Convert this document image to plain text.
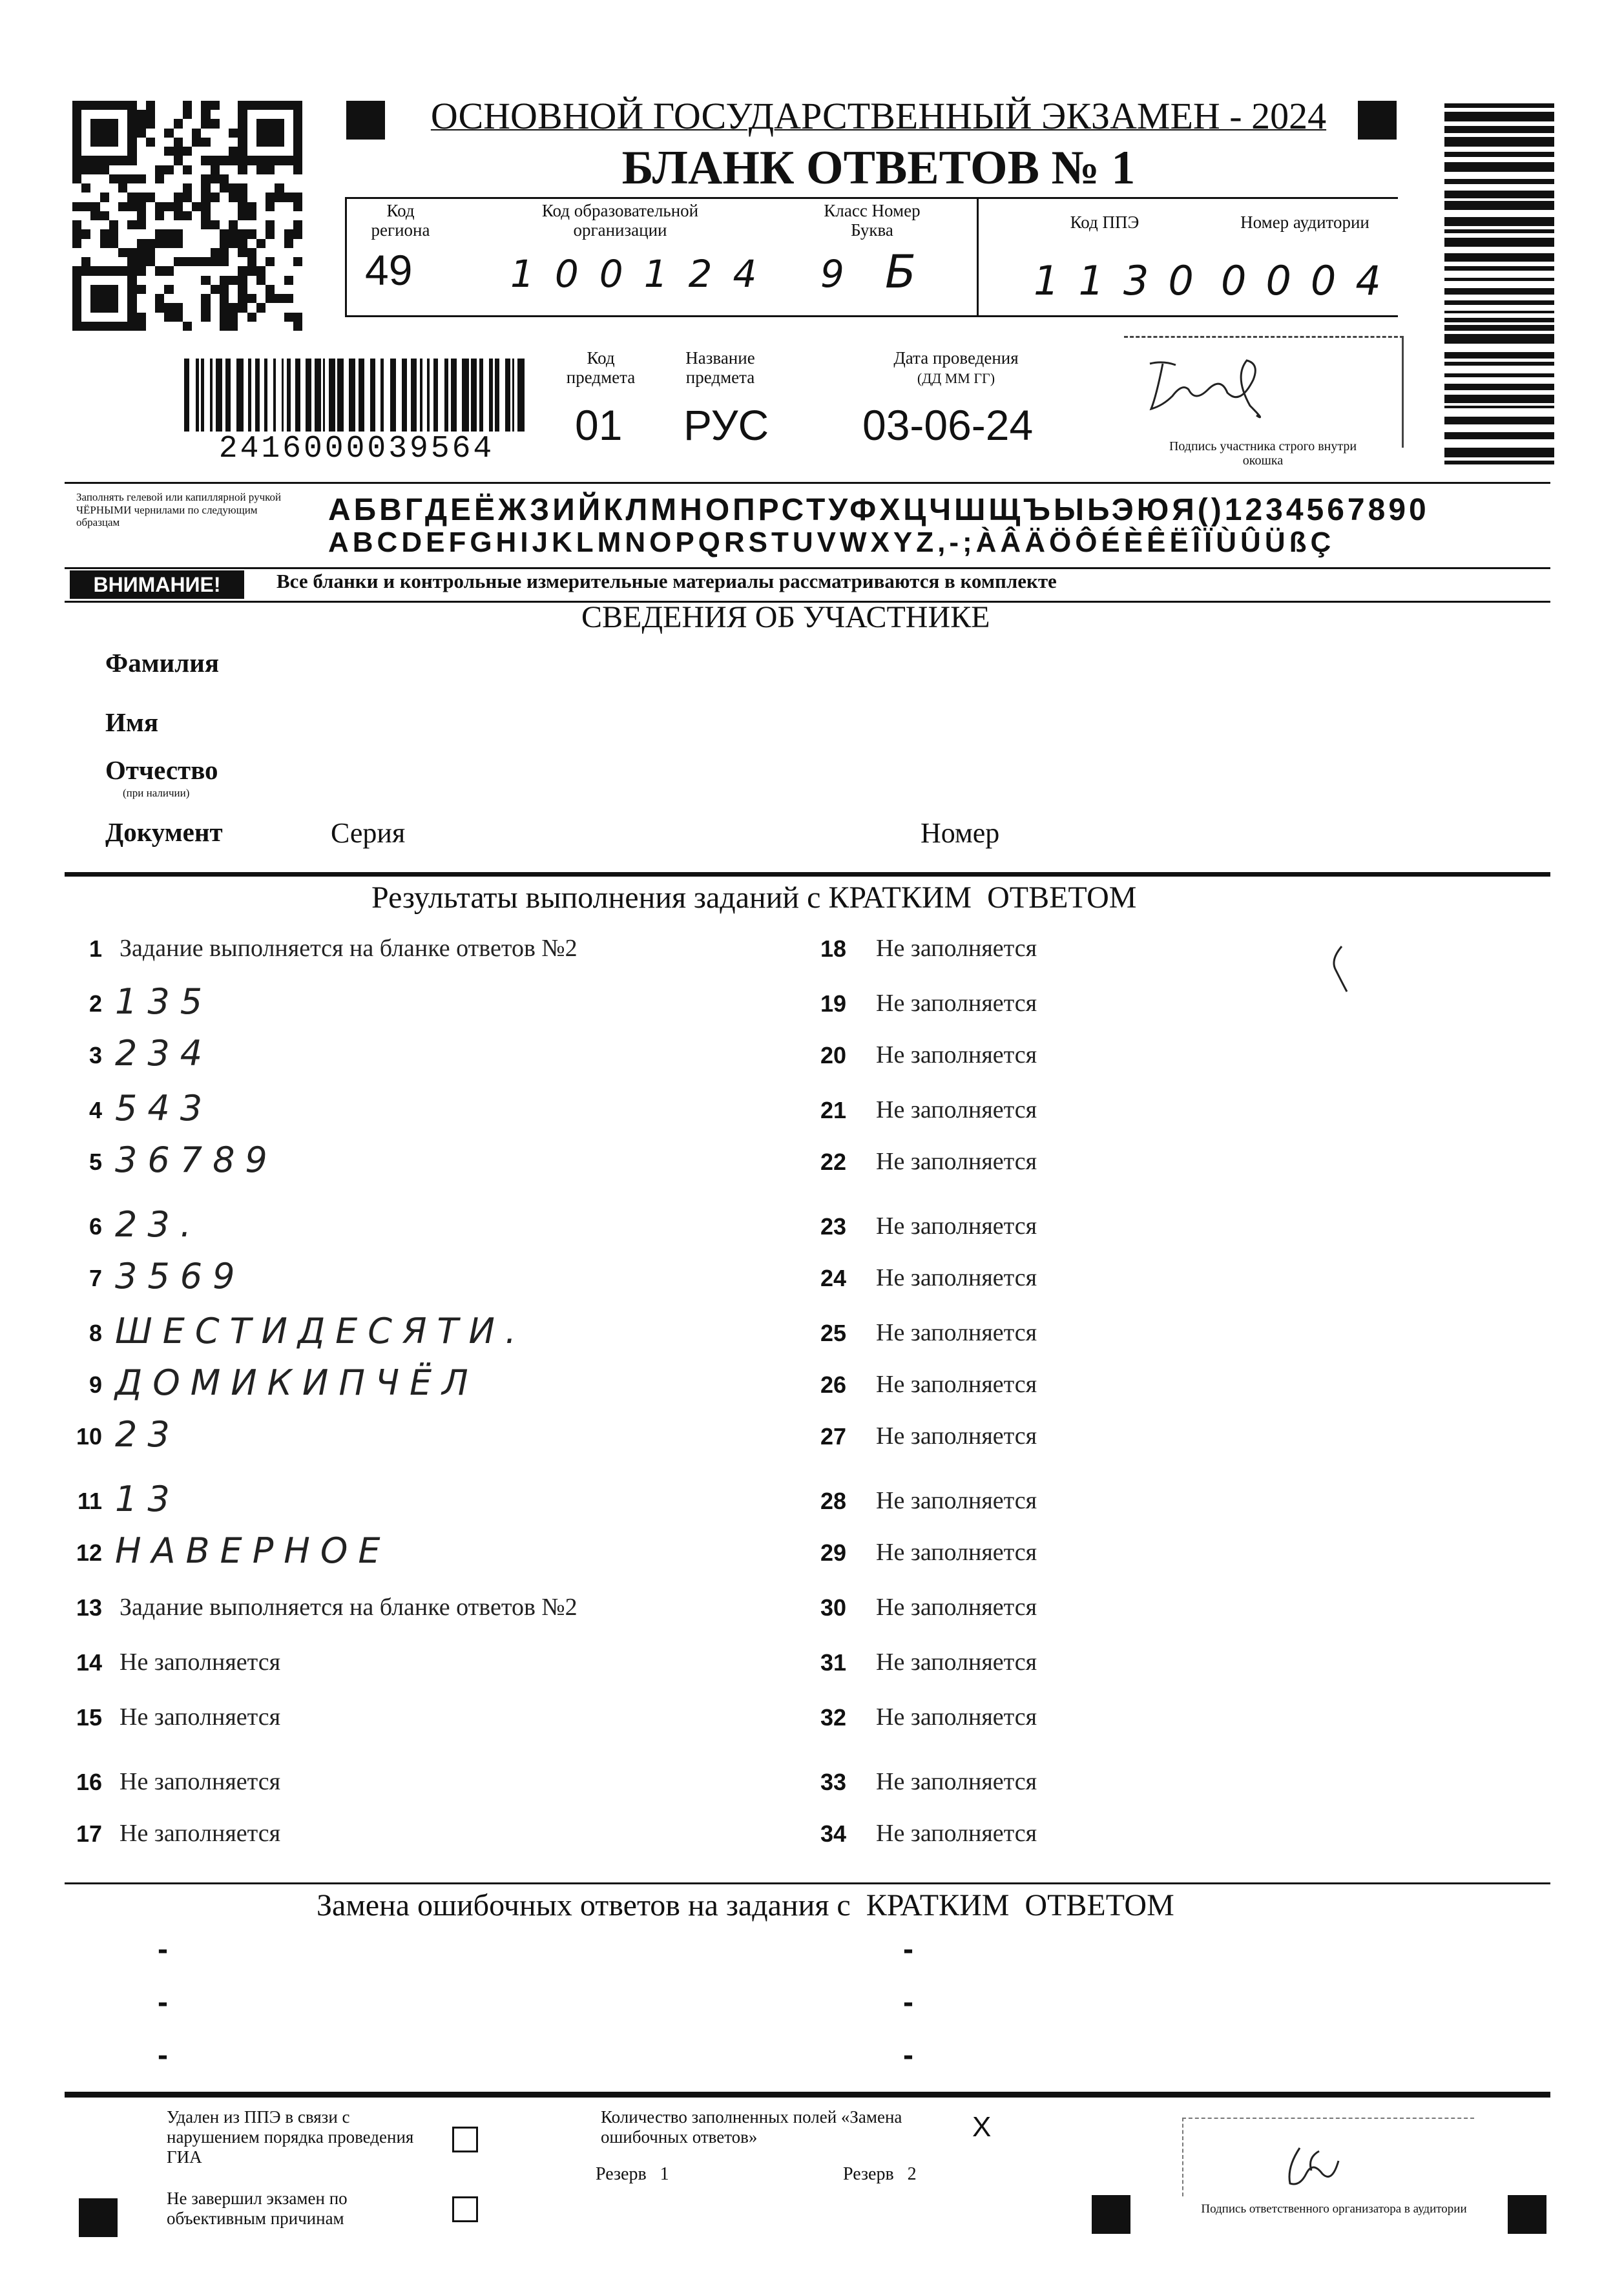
ОСНОВНОЙ ГОСУДАРСТВЕННЫЙ ЭКЗАМЕН - 2024
БЛАНК ОТВЕТОВ № 1
Код региона
49
Код образовательной организации
100124
Класс Номер Буква
9 Б
Код ППЭ
1130
Номер аудитории
0004
2416000039564
Код предмета
01
Название предмета
РУС
Дата проведения
(ДД ММ ГГ)
03-06-24	Подпись участника строго внутри окошка
Заполнять гелевой или капиллярной ручкой ЧЁРНЫМИ чернилами по следующим образцам	АБВГДЕЁЖЗИЙКЛМНОПРСТУФХЦЧШЩЪЫЬЭЮЯ()1234567890
ABCDEFGHIJKLMNOPQRSTUVWXYZ,-;ÀÂÄÖÔÉÈÊËÎÏÙÛÜßÇ
ВНИМАНИЕ!	Все бланки и контрольные измерительные материалы рассматриваются в комплекте
СВЕДЕНИЯ ОБ УЧАСТНИКЕ
Фамилия
Имя
Отчество
(при наличии)
Документ	Серия	Номер
Результаты выполнения заданий с КРАТКИМ  ОТВЕТОМ
1 Задание выполняется на бланке ответов №2
2 135
3 234
4 543
5 36789
6 23.
7 3569
8 ШЕСТИДЕСЯТИ.
9 ДОМИКИПЧЁЛ
10 23
11 13
12 НАВЕРНОЕ
13 Задание выполняется на бланке ответов №2
14 Не заполняется
15 Не заполняется
16 Не заполняется
17 Не заполняется
18 Не заполняется
19 Не заполняется
20 Не заполняется
21 Не заполняется
22 Не заполняется
23 Не заполняется
24 Не заполняется
25 Не заполняется
26 Не заполняется
27 Не заполняется
28 Не заполняется
29 Не заполняется
30 Не заполняется
31 Не заполняется
32 Не заполняется
33 Не заполняется
34 Не заполняется
Замена ошибочных ответов на задания с  КРАТКИМ  ОТВЕТОМ
-
-
-
-
-
-
Удален из ППЭ в связи с нарушением порядка проведения ГИА
Не завершил экзамен по объективным причинам
Количество заполненных полей «Замена ошибочных ответов»	X
Резерв   1	Резерв   2
Подпись ответственного организатора в аудитории
